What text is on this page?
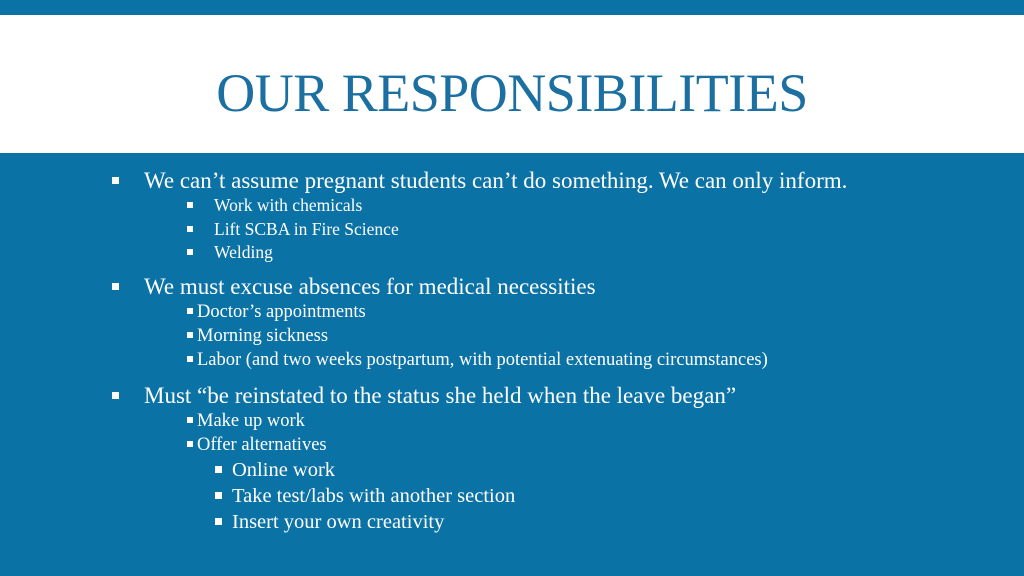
OUR RESPONSIBILITIES
We can’t assume pregnant students can’t do something. We can only inform.
Work with chemicals
Lift SCBA in Fire Science
Welding
We must excuse absences for medical necessities
Doctor’s appointments
Morning sickness
Labor (and two weeks postpartum, with potential extenuating circumstances)
Must “be reinstated to the status she held when the leave began”
Make up work
Offer alternatives
Online work
Take test/labs with another section
Insert your own creativity
